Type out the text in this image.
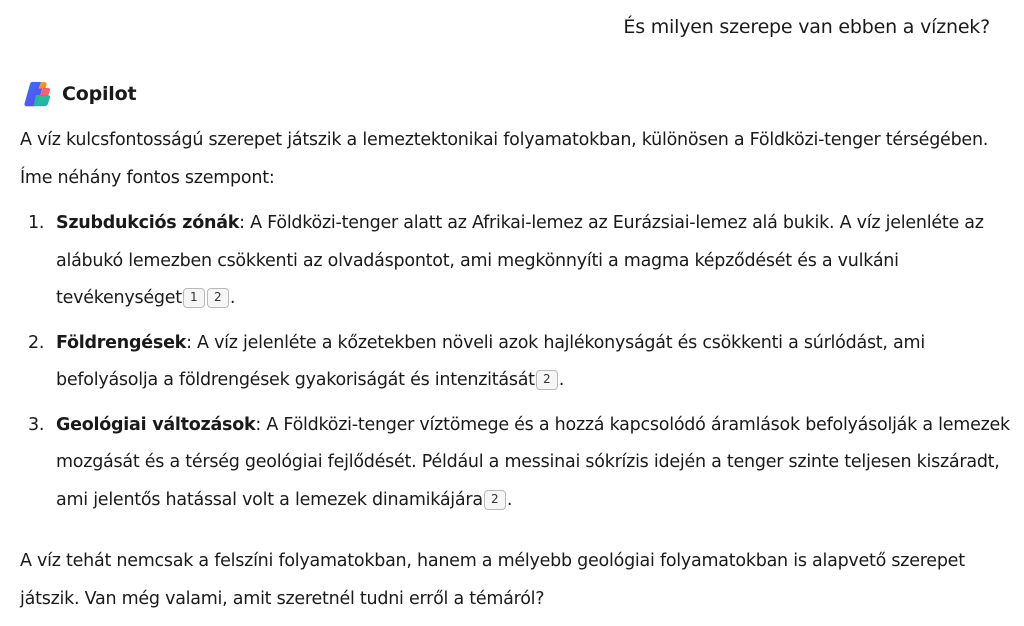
És milyen szerepe van ebben a víznek?
Copilot

A víz kulcsfontosságú szerepet játszik a lemeztektonikai folyamatokban, különösen a Földközi-tenger térségében. Íme néhány fontos szempont:

1. Szubdukciós zónák: A Földközi-tenger alatt az Afrikai-lemez az Eurázsiai-lemez alá bukik. A víz jelenléte az alábukó lemezben csökkenti az olvadáspontot, ami megkönnyíti a magma képződését és a vulkáni tevékenységet 1 2 .
2. Földrengések: A víz jelenléte a kőzetekben növeli azok hajlékonyságát és csökkenti a súrlódást, ami befolyásolja a földrengések gyakoriságát és intenzitását 2 .
3. Geológiai változások: A Földközi-tenger víztömege és a hozzá kapcsolódó áramlások befolyásolják a lemezek mozgását és a térség geológiai fejlődését. Például a messinai sókrízis idején a tenger szinte teljesen kiszáradt, ami jelentős hatással volt a lemezek dinamikájára 2 .

A víz tehát nemcsak a felszíni folyamatokban, hanem a mélyebb geológiai folyamatokban is alapvető szerepet játszik. Van még valami, amit szeretnél tudni erről a témáról?
